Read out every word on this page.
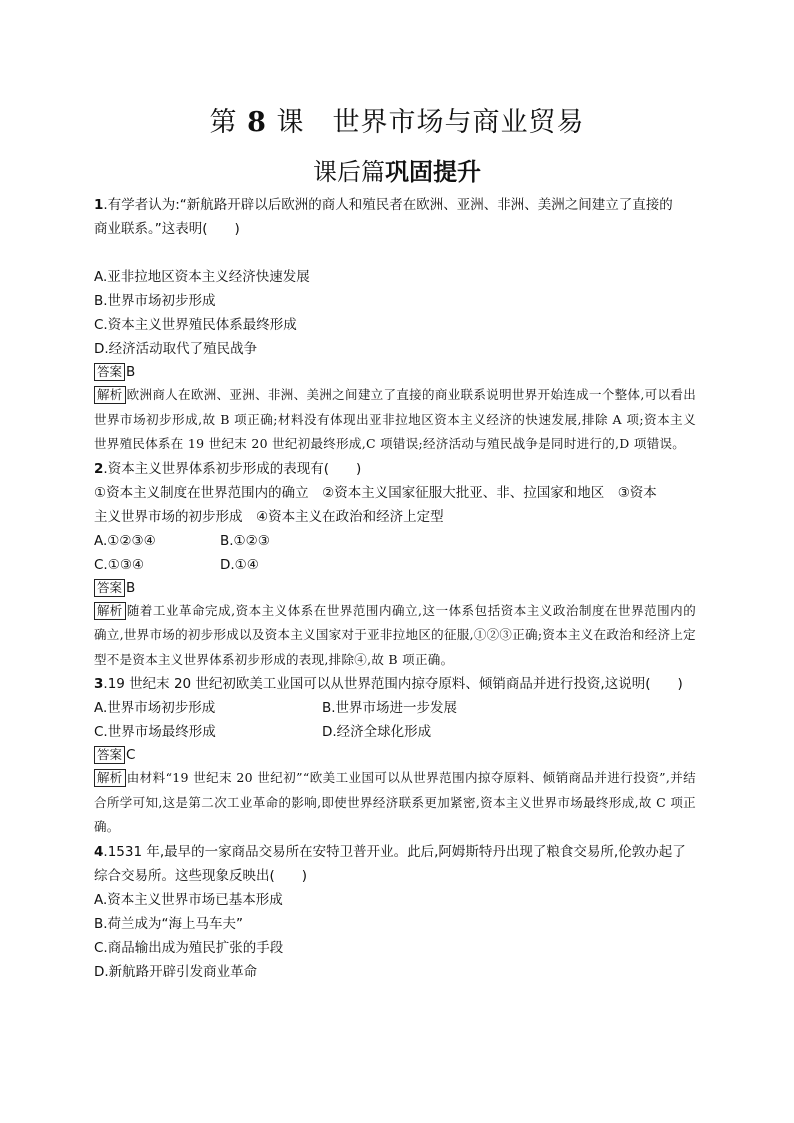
第 8 课 世界市场与商业贸易
课后篇巩固提升
1.有学者认为:“新航路开辟以后欧洲的商人和殖民者在欧洲、亚洲、非洲、美洲之间建立了直接的
商业联系。”这表明(　　)
A.亚非拉地区资本主义经济快速发展
B.世界市场初步形成
C.资本主义世界殖民体系最终形成
D.经济活动取代了殖民战争
答案 B
解析 欧洲商人在欧洲、亚洲、非洲、美洲之间建立了直接的商业联系说明世界开始连成一个整体,可以看出世界市场初步形成,故 B 项正确;材料没有体现出亚非拉地区资本主义经济的快速发展,排除 A 项;资本主义世界殖民体系在 19 世纪末 20 世纪初最终形成,C 项错误;经济活动与殖民战争是同时进行的,D 项错误。
2.资本主义世界体系初步形成的表现有(　　)
①资本主义制度在世界范围内的确立　②资本主义国家征服大批亚、非、拉国家和地区　③资本
主义世界市场的初步形成　④资本主义在政治和经济上定型
A.①②③④	B.①②③
C.①③④	D.①④
答案 B
解析 随着工业革命完成,资本主义体系在世界范围内确立,这一体系包括资本主义政治制度在世界范围内的确立,世界市场的初步形成以及资本主义国家对于亚非拉地区的征服,①②③正确;资本主义在政治和经济上定型不是资本主义世界体系初步形成的表现,排除④,故 B 项正确。
3.19 世纪末 20 世纪初欧美工业国可以从世界范围内掠夺原料、倾销商品并进行投资,这说明(　　)
A.世界市场初步形成	B.世界市场进一步发展
C.世界市场最终形成	D.经济全球化形成
答案 C
解析 由材料“19 世纪末 20 世纪初”“欧美工业国可以从世界范围内掠夺原料、倾销商品并进行投资”,并结合所学可知,这是第二次工业革命的影响,即使世界经济联系更加紧密,资本主义世界市场最终形成,故 C 项正确。
4.1531 年,最早的一家商品交易所在安特卫普开业。此后,阿姆斯特丹出现了粮食交易所,伦敦办起了
综合交易所。这些现象反映出(　　)
A.资本主义世界市场已基本形成
B.荷兰成为“海上马车夫”
C.商品输出成为殖民扩张的手段
D.新航路开辟引发商业革命
